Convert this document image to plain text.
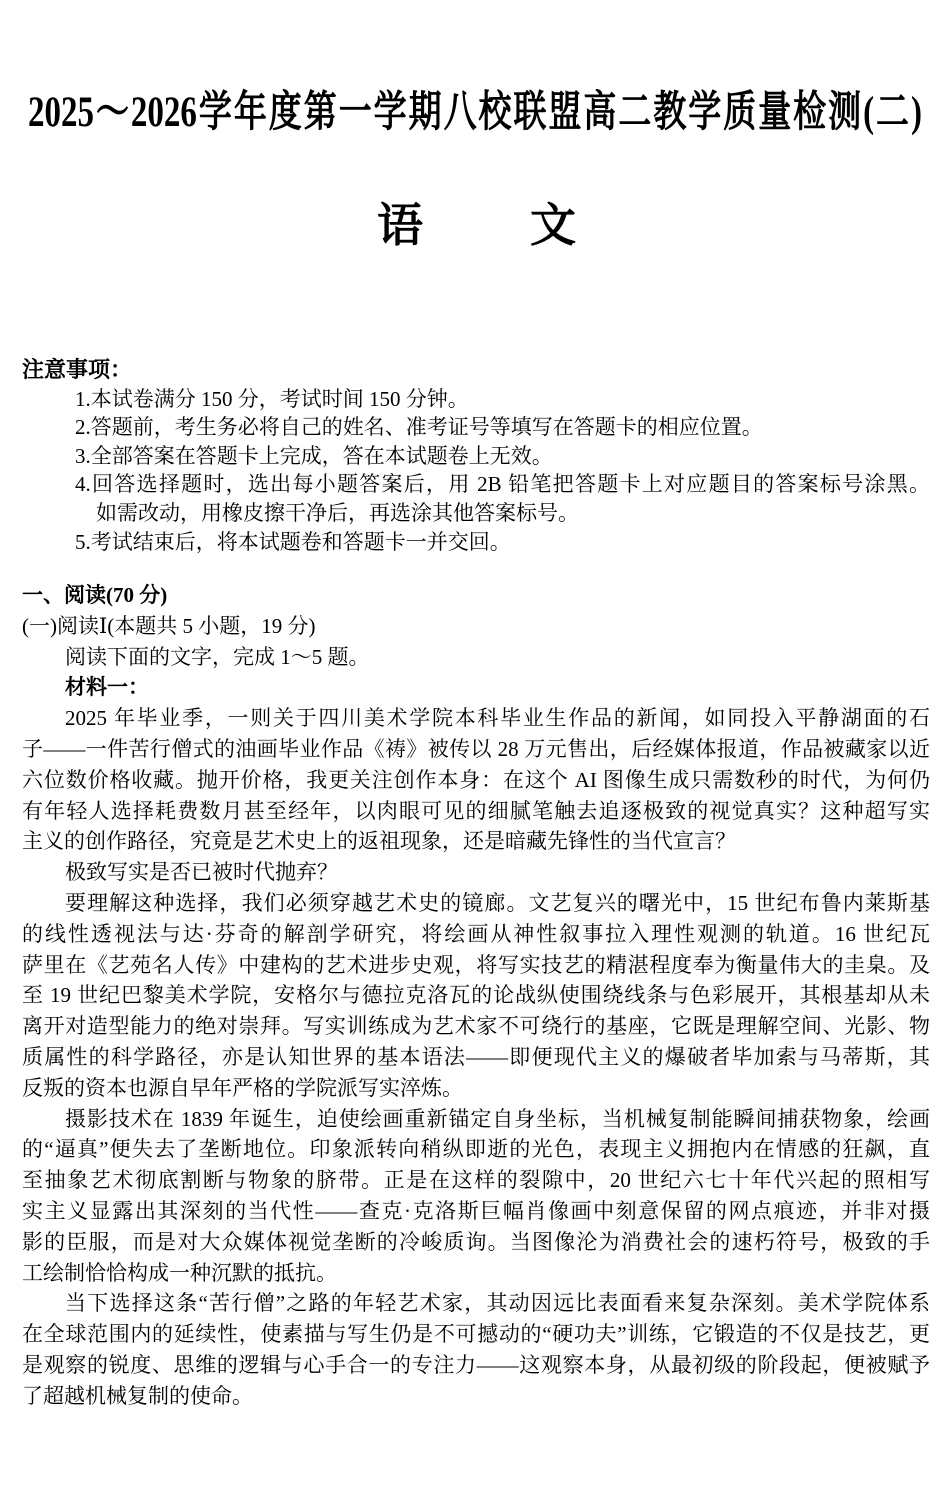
2025～2026学年度第一学期八校联盟高二教学质量检测(二)
语文
注意事项：
1.本试卷满分 150 分，考试时间 150 分钟。
2.答题前，考生务必将自己的姓名、准考证号等填写在答题卡的相应位置。
3.全部答案在答题卡上完成，答在本试题卷上无效。
4.回答选择题时，选出每小题答案后，用 2B 铅笔把答题卡上对应题目的答案标号涂黑。
如需改动，用橡皮擦干净后，再选涂其他答案标号。
5.考试结束后，将本试题卷和答题卡一并交回。
一、阅读(70 分)
(一)阅读Ⅰ(本题共 5 小题，19 分)
阅读下面的文字，完成 1～5 题。
材料一：
2025 年毕业季，一则关于四川美术学院本科毕业生作品的新闻，如同投入平静湖面的石
子——一件苦行僧式的油画毕业作品《祷》被传以 28 万元售出，后经媒体报道，作品被藏家以近
六位数价格收藏。抛开价格，我更关注创作本身：在这个 AI 图像生成只需数秒的时代，为何仍
有年轻人选择耗费数月甚至经年，以肉眼可见的细腻笔触去追逐极致的视觉真实？这种超写实
主义的创作路径，究竟是艺术史上的返祖现象，还是暗藏先锋性的当代宣言？
极致写实是否已被时代抛弃？
要理解这种选择，我们必须穿越艺术史的镜廊。文艺复兴的曙光中，15 世纪布鲁内莱斯基
的线性透视法与达·芬奇的解剖学研究，将绘画从神性叙事拉入理性观测的轨道。16 世纪瓦
萨里在《艺苑名人传》中建构的艺术进步史观，将写实技艺的精湛程度奉为衡量伟大的圭臬。及
至 19 世纪巴黎美术学院，安格尔与德拉克洛瓦的论战纵使围绕线条与色彩展开，其根基却从未
离开对造型能力的绝对崇拜。写实训练成为艺术家不可绕行的基座，它既是理解空间、光影、物
质属性的科学路径，亦是认知世界的基本语法——即便现代主义的爆破者毕加索与马蒂斯，其
反叛的资本也源自早年严格的学院派写实淬炼。
摄影技术在 1839 年诞生，迫使绘画重新锚定自身坐标，当机械复制能瞬间捕获物象，绘画
的“逼真”便失去了垄断地位。印象派转向稍纵即逝的光色，表现主义拥抱内在情感的狂飙，直
至抽象艺术彻底割断与物象的脐带。正是在这样的裂隙中，20 世纪六七十年代兴起的照相写
实主义显露出其深刻的当代性——查克·克洛斯巨幅肖像画中刻意保留的网点痕迹，并非对摄
影的臣服，而是对大众媒体视觉垄断的冷峻质询。当图像沦为消费社会的速朽符号，极致的手
工绘制恰恰构成一种沉默的抵抗。
当下选择这条“苦行僧”之路的年轻艺术家，其动因远比表面看来复杂深刻。美术学院体系
在全球范围内的延续性，使素描与写生仍是不可撼动的“硬功夫”训练，它锻造的不仅是技艺，更
是观察的锐度、思维的逻辑与心手合一的专注力——这观察本身，从最初级的阶段起，便被赋予
了超越机械复制的使命。
